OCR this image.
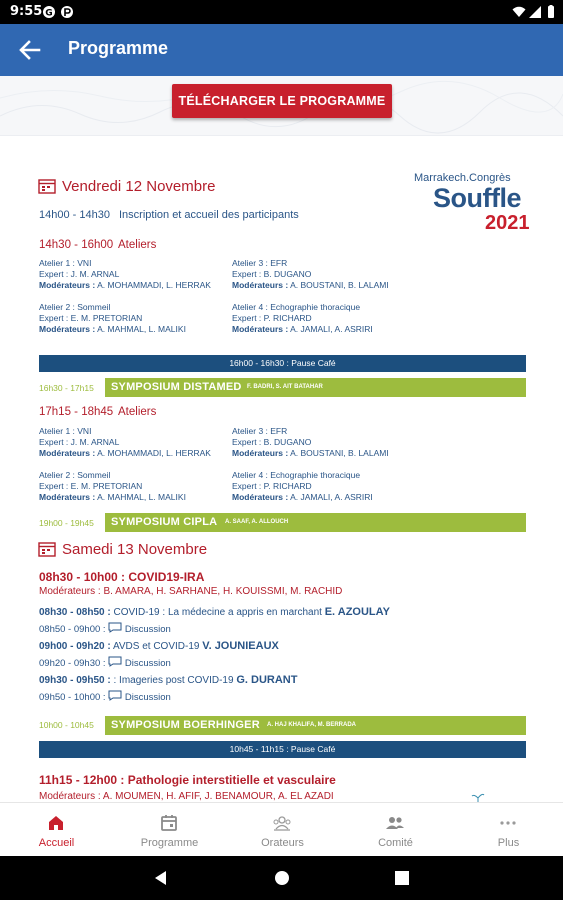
9:55 G
Programme
TÉLÉCHARGER LE PROGRAMME
Marrakech.Congrès
Souffle
2021
Vendredi 12 Novembre
14h00 - 14h30 Inscription et accueil des participants
14h30 - 16h00 Ateliers
Atelier 1 : VNI
Expert : J. M. ARNAL
Modérateurs : A. MOHAMMADI, L. HERRAK
Atelier 3 : EFR
Expert : B. DUGANO
Modérateurs : A. BOUSTANI, B. LALAMI
Atelier 2 : Sommeil
Expert : E. M. PRETORIAN
Modérateurs : A. MAHMAL, L. MALIKI
Atelier 4 : Echographie thoracique
Expert : P. RICHARD
Modérateurs : A. JAMALI, A. ASRIRI
16h00 - 16h30 : Pause Café
16h30 - 17h15 SYMPOSIUM DISTAMED F. BADRI, S. AIT BATAHAR
17h15 - 18h45 Ateliers
Atelier 1 : VNI
Expert : J. M. ARNAL
Modérateurs : A. MOHAMMADI, L. HERRAK
Atelier 3 : EFR
Expert : B. DUGANO
Modérateurs : A. BOUSTANI, B. LALAMI
Atelier 2 : Sommeil
Expert : E. M. PRETORIAN
Modérateurs : A. MAHMAL, L. MALIKI
Atelier 4 : Echographie thoracique
Expert : P. RICHARD
Modérateurs : A. JAMALI, A. ASRIRI
19h00 - 19h45 SYMPOSIUM CIPLA A. SAAF, A. ALLOUCH
Samedi 13 Novembre
08h30 - 10h00 : COVID19-IRA
Modérateurs : B. AMARA, H. SARHANE, H. KOUISSMI, M. RACHID
08h30 - 08h50 : COVID-19 : La médecine a appris en marchant E. AZOULAY
08h50 - 09h00 : Discussion
09h00 - 09h20 : AVDS et COVID-19 V. JOUNIEAUX
09h20 - 09h30 : Discussion
09h30 - 09h50 : : Imageries post COVID-19 G. DURANT
09h50 - 10h00 : Discussion
10h00 - 10h45 SYMPOSIUM BOERHINGER A. HAJ KHALIFA, M. BERRADA
10h45 - 11h15 : Pause Café
11h15 - 12h00 : Pathologie interstitielle et vasculaire
Modérateurs : A. MOUMEN, H. AFIF, J. BENAMOUR, A. EL AZADI
Accueil	Programme	Orateurs	Comité	Plus
